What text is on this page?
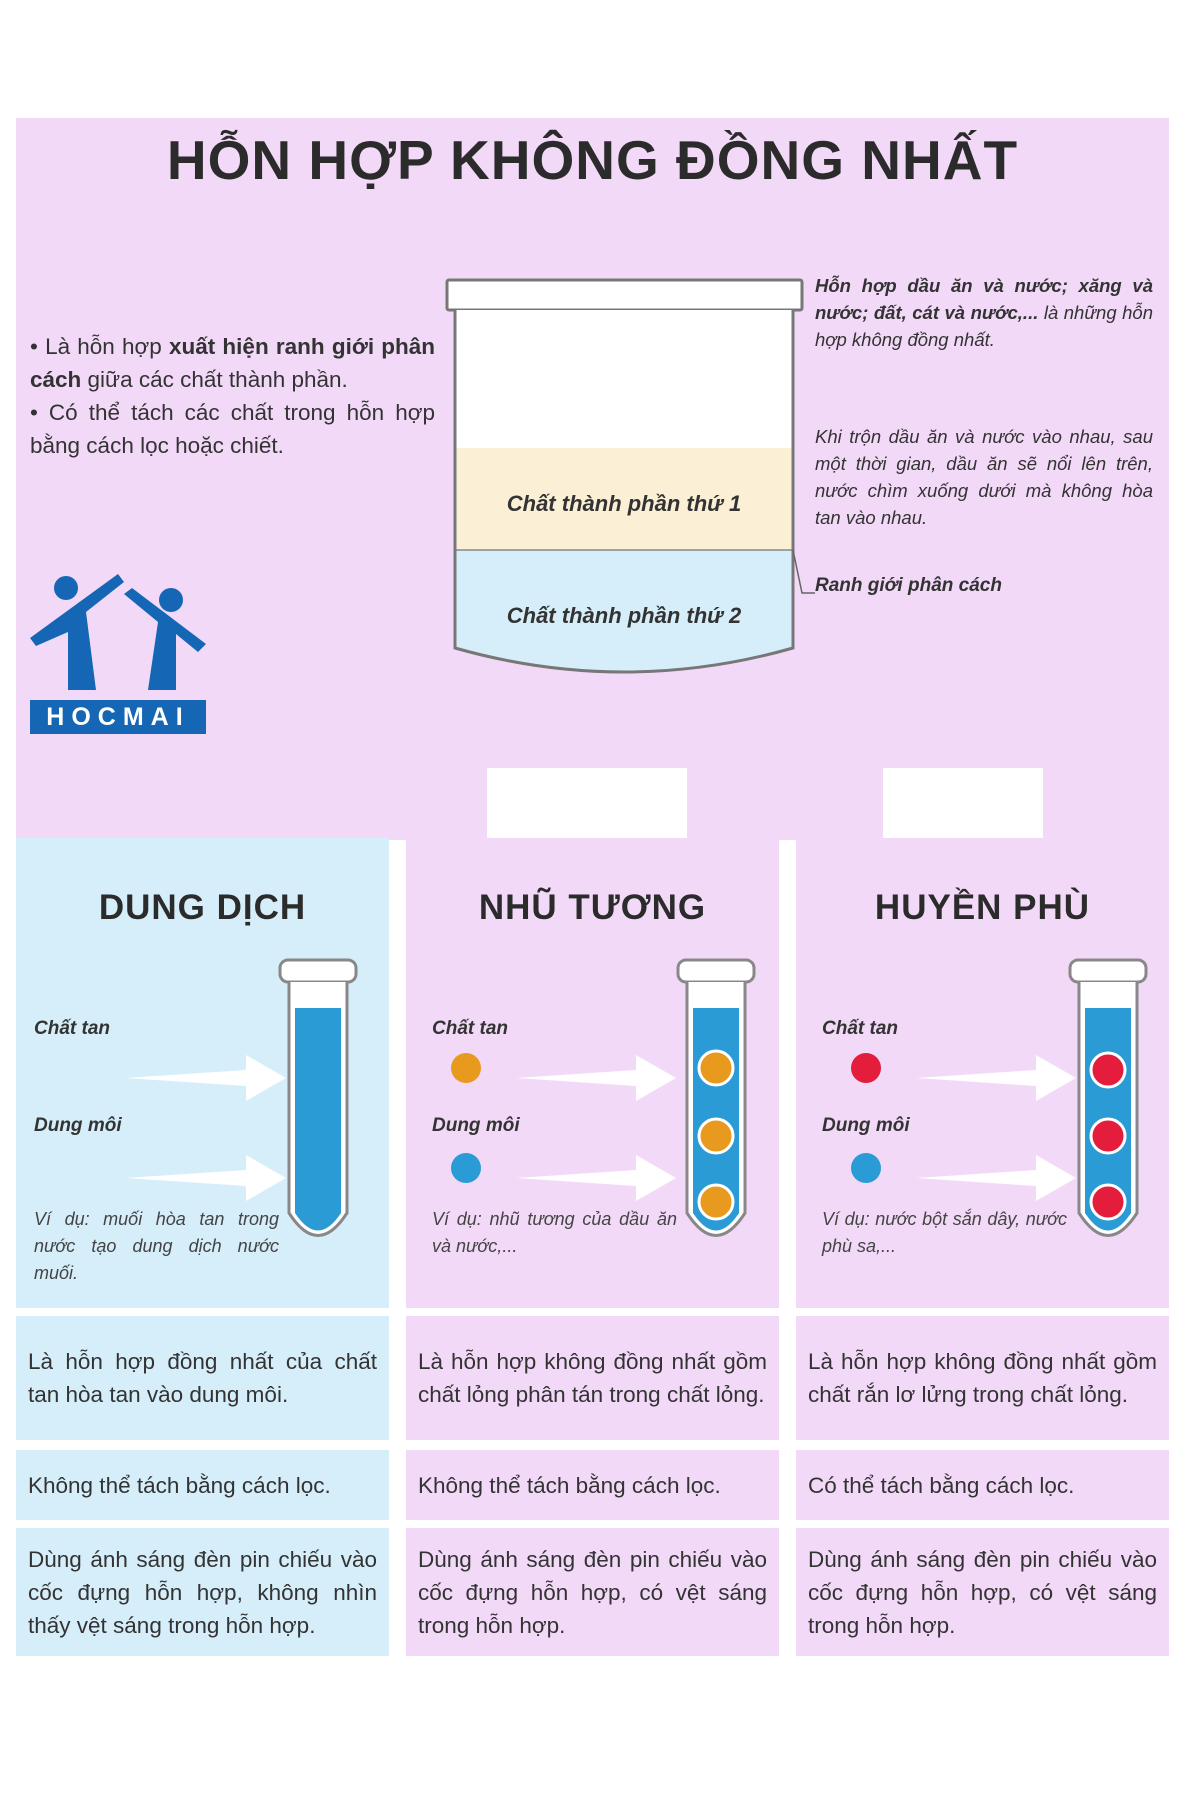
HỖN HỢP KHÔNG ĐỒNG NHẤT

• Là hỗn hợp xuất hiện ranh giới phân cách giữa các chất thành phần.

• Có thể tách các chất trong hỗn hợp bằng cách lọc hoặc chiết.

Chất thành phần thứ 1
Chất thành phần thứ 2
Hỗn hợp dầu ăn và nước; xăng và nước; đất, cát và nước,... là những hỗn hợp không đồng nhất.
Khi trộn dầu ăn và nước vào nhau, sau một thời gian, dầu ăn sẽ nổi lên trên, nước chìm xuống dưới mà không hòa tan vào nhau.
Ranh giới phân cách
HOCMAI
DUNG DỊCH
Chất tan
Dung môi
Ví dụ: muối hòa tan trong nước tạo dung dịch nước muối.
Là hỗn hợp đồng nhất của chất tan hòa tan vào dung môi.
Không thể tách bằng cách lọc.
Dùng ánh sáng đèn pin chiếu vào cốc đựng hỗn hợp, không nhìn thấy vệt sáng trong hỗn hợp.
NHŨ TƯƠNG
Chất tan
Dung môi
Ví dụ: nhũ tương của dầu ăn và nước,...
Là hỗn hợp không đồng nhất gồm chất lỏng phân tán trong chất lỏng.
Không thể tách bằng cách lọc.
Dùng ánh sáng đèn pin chiếu vào cốc đựng hỗn hợp, có vệt sáng trong hỗn hợp.
HUYỀN PHÙ
Chất tan
Dung môi
Ví dụ: nước bột sắn dây, nước phù sa,...
Là hỗn hợp không đồng nhất gồm chất rắn lơ lửng trong chất lỏng.
Có thể tách bằng cách lọc.
Dùng ánh sáng đèn pin chiếu vào cốc đựng hỗn hợp, có vệt sáng trong hỗn hợp.
